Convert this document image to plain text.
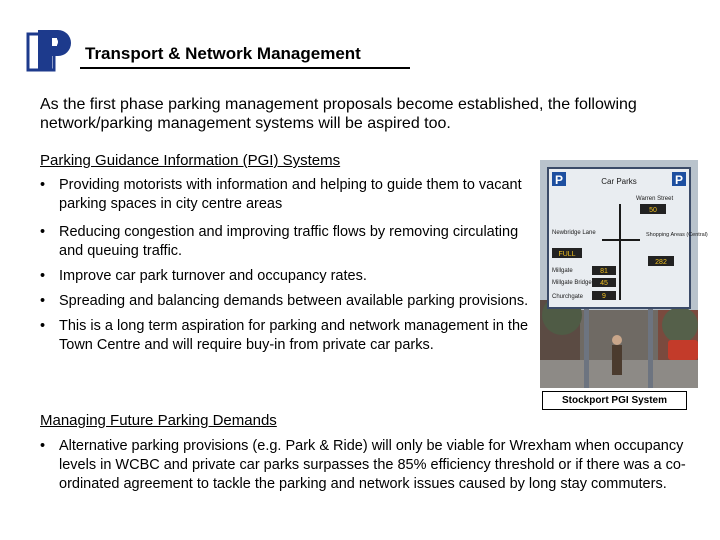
Transport & Network Management
As the first phase parking management proposals become established, the following network/parking management systems will be aspired too.
Parking Guidance Information (PGI) Systems
• Providing motorists with information and helping to guide them to vacant parking spaces in city centre areas
• Reducing congestion and improving traffic flows by removing circulating and queuing traffic.
• Improve car park turnover and occupancy rates.
• Spreading and balancing demands between available parking provisions.
• This is a long term aspiration for parking and network management in the Town Centre and will require buy-in from private car parks.
P	P
Car Parks
Warren Street
50
Newbridge Lane
FULL
Shopping Areas (Central)
282
Millgate	81
Millgate Bridge 45
Churchgate	9
Stockport PGI System
Managing Future Parking Demands
• Alternative parking provisions (e.g. Park & Ride) will only be viable for Wrexham when occupancy levels in WCBC and private car parks surpasses the 85% efficiency threshold or if there was a co-ordinated agreement to tackle the parking and network issues caused by long stay commuters.
